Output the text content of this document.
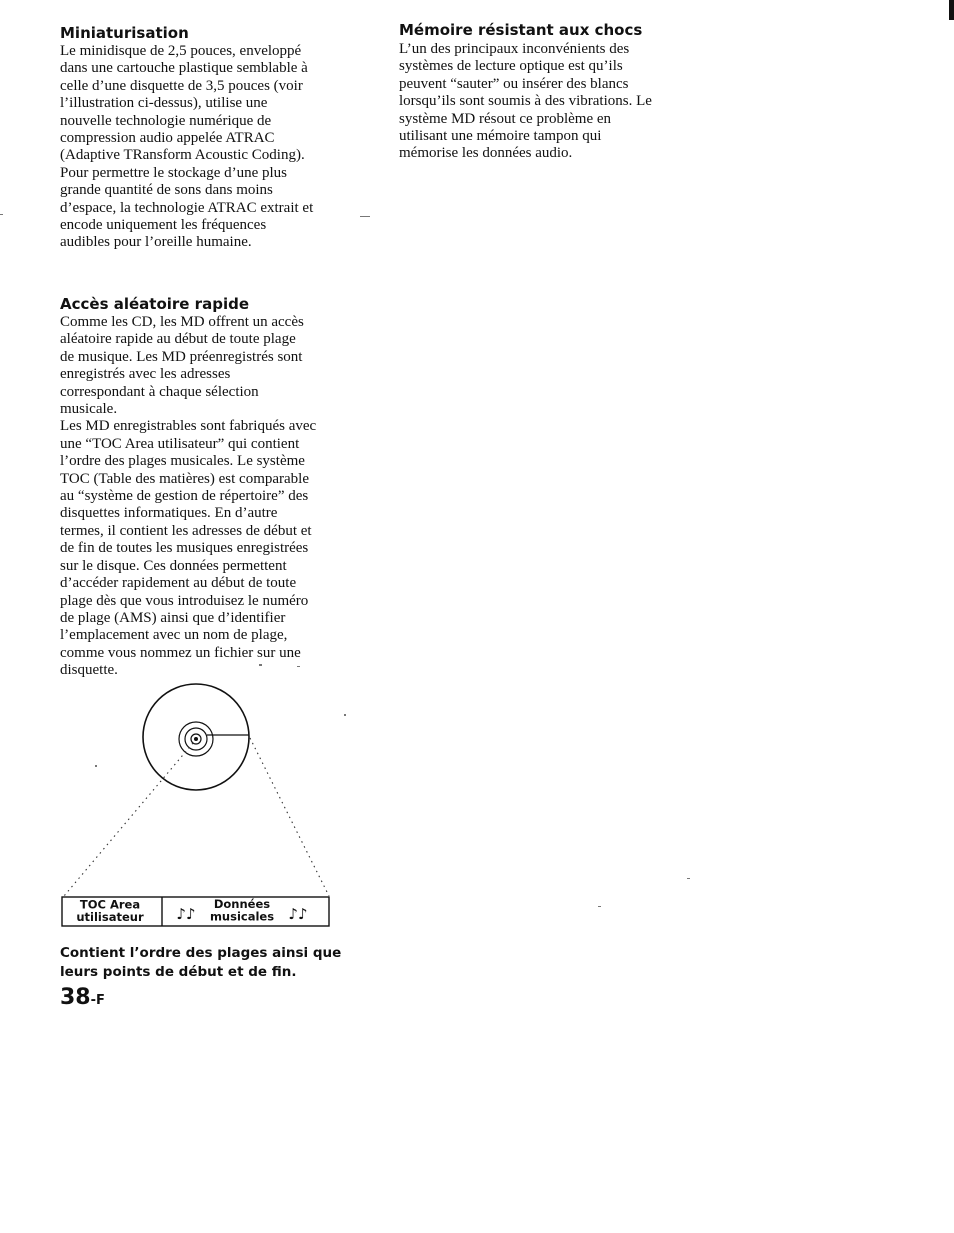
Miniaturisation

Le minidisque de 2,5 pouces, enveloppé
dans une cartouche plastique semblable à
celle d’une disquette de 3,5 pouces (voir
l’illustration ci-dessus), utilise une
nouvelle technologie numérique de
compression audio appelée ATRAC
(Adaptive TRansform Acoustic Coding).
Pour permettre le stockage d’une plus
grande quantité de sons dans moins
d’espace, la technologie ATRAC extrait et
encode uniquement les fréquences
audibles pour l’oreille humaine.

Accès aléatoire rapide

Comme les CD, les MD offrent un accès
aléatoire rapide au début de toute plage
de musique. Les MD préenregistrés sont
enregistrés avec les adresses
correspondant à chaque sélection
musicale.
Les MD enregistrables sont fabriqués avec
une “TOC Area utilisateur” qui contient
l’ordre des plages musicales. Le système
TOC (Table des matières) est comparable
au “système de gestion de répertoire” des
disquettes informatiques. En d’autre
termes, il contient les adresses de début et
de fin de toutes les musiques enregistrées
sur le disque. Ces données permettent
d’accéder rapidement au début de toute
plage dès que vous introduisez le numéro
de plage (AMS) ainsi que d’identifier
l’emplacement avec un nom de plage,
comme vous nommez un fichier sur une
disquette.

Mémoire résistant aux chocs

L’un des principaux inconvénients des
systèmes de lecture optique est qu’ils
peuvent “sauter” ou insérer des blancs
lorsqu’ils sont soumis à des vibrations. Le
système MD résout ce problème en
utilisant une mémoire tampon qui
mémorise les données audio.

TOC Area
utilisateur ♪♪
Données
musicales ♪♪

Contient l’ordre des plages ainsi que
leurs points de début et de fin.

38-F
